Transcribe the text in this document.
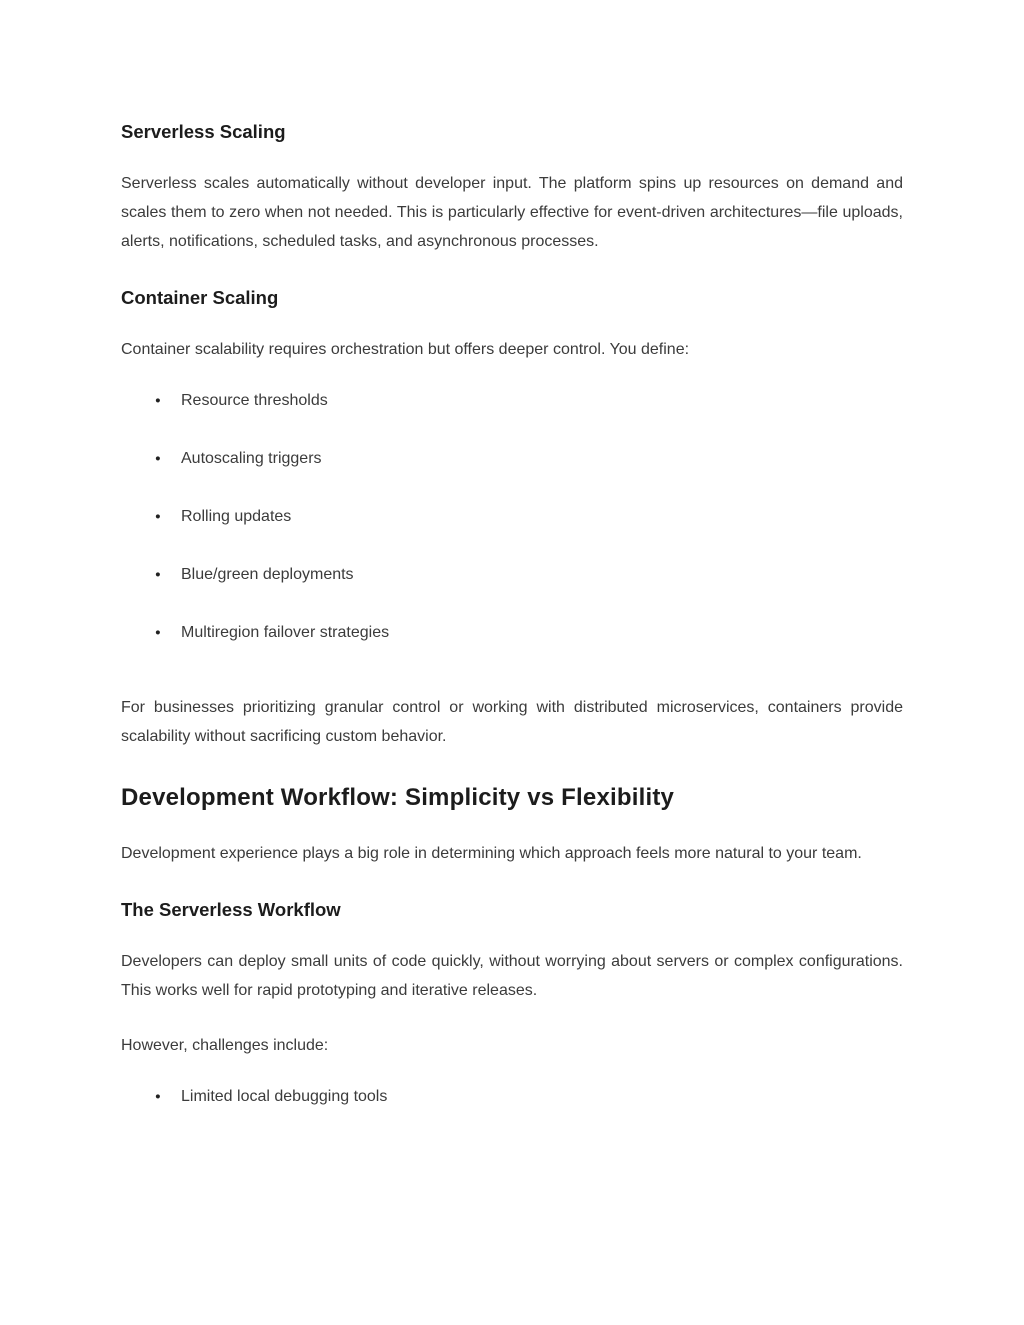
Serverless Scaling

Serverless scales automatically without developer input. The platform spins up resources on demand and scales them to zero when not needed. This is particularly effective for event-driven architectures—file uploads, alerts, notifications, scheduled tasks, and asynchronous processes.

Container Scaling

Container scalability requires orchestration but offers deeper control. You define:

●	Resource thresholds
●	Autoscaling triggers
●	Rolling updates
●	Blue/green deployments
●	Multiregion failover strategies

For businesses prioritizing granular control or working with distributed microservices, containers provide scalability without sacrificing custom behavior.

Development Workflow: Simplicity vs Flexibility

Development experience plays a big role in determining which approach feels more natural to your team.

The Serverless Workflow

Developers can deploy small units of code quickly, without worrying about servers or complex configurations. This works well for rapid prototyping and iterative releases.

However, challenges include:

●	Limited local debugging tools
